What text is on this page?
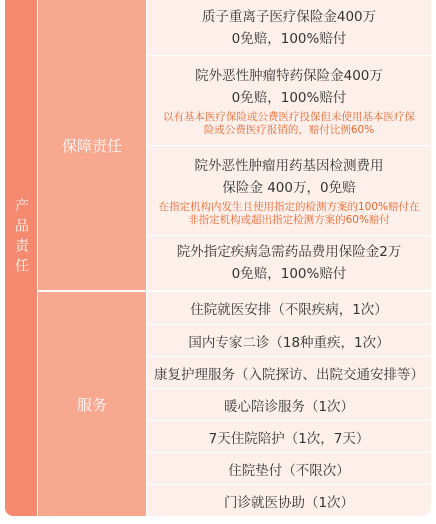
产品责任
保障责任
服务
质子重离子医疗保险金400万
0免赔，100%赔付
院外恶性肿瘤特药保险金400万
0免赔，100%赔付
以有基本医疗保险或公费医疗投保但未使用基本医疗保险或公费医疗报销的，赔付比例60%
院外恶性肿瘤用药基因检测费用
保险金 400万，0免赔
在指定机构内发生且使用指定的检测方案的100%赔付在非指定机构或超出指定检测方案的60%赔付
院外指定疾病急需药品费用保险金2万
0免赔，100%赔付
住院就医安排（不限疾病，1次）
国内专家二诊（18种重疾，1次）
康复护理服务（入院探访、出院交通安排等）
暖心陪诊服务（1次）
7天住院陪护（1次，7天）
住院垫付（不限次）
门诊就医协助（1次）
